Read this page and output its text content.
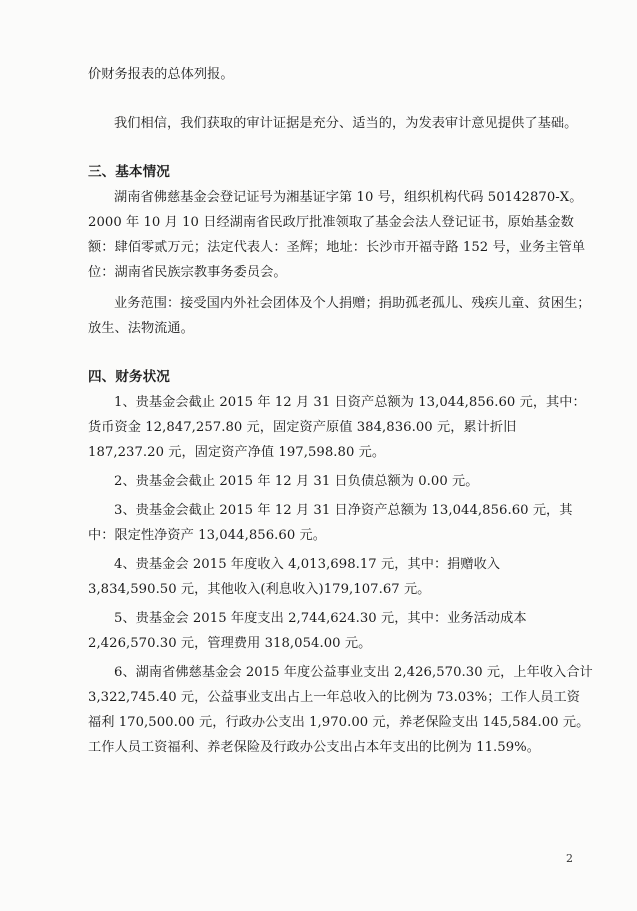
价财务报表的总体列报。

我们相信，我们获取的审计证据是充分、适当的，为发表审计意见提供了基础。

三、基本情况

湖南省佛慈基金会登记证号为湘基证字第 10 号，组织机构代码 50142870-X。2000 年 10 月 10 日经湖南省民政厅批准领取了基金会法人登记证书，原始基金数额：肆佰零贰万元；法定代表人：圣辉；地址：长沙市开福寺路 152 号，业务主管单位：湖南省民族宗教事务委员会。

业务范围：接受国内外社会团体及个人捐赠；捐助孤老孤儿、残疾儿童、贫困生；放生、法物流通。

四、财务状况

1、贵基金会截止 2015 年 12 月 31 日资产总额为 13,044,856.60 元，其中：货币资金 12,847,257.80 元，固定资产原值 384,836.00 元，累计折旧 187,237.20 元，固定资产净值 197,598.80 元。

2、贵基金会截止 2015 年 12 月 31 日负债总额为 0.00 元。

3、贵基金会截止 2015 年 12 月 31 日净资产总额为 13,044,856.60 元，其中：限定性净资产 13,044,856.60 元。

4、贵基金会 2015 年度收入 4,013,698.17 元，其中：捐赠收入 3,834,590.50 元，其他收入(利息收入)179,107.67 元。

5、贵基金会 2015 年度支出 2,744,624.30 元，其中：业务活动成本 2,426,570.30 元，管理费用 318,054.00 元。

6、湖南省佛慈基金会 2015 年度公益事业支出 2,426,570.30 元，上年收入合计 3,322,745.40 元，公益事业支出占上一年总收入的比例为 73.03%；工作人员工资福利 170,500.00 元，行政办公支出 1,970.00 元，养老保险支出 145,584.00 元。工作人员工资福利、养老保险及行政办公支出占本年支出的比例为 11.59%。

2
